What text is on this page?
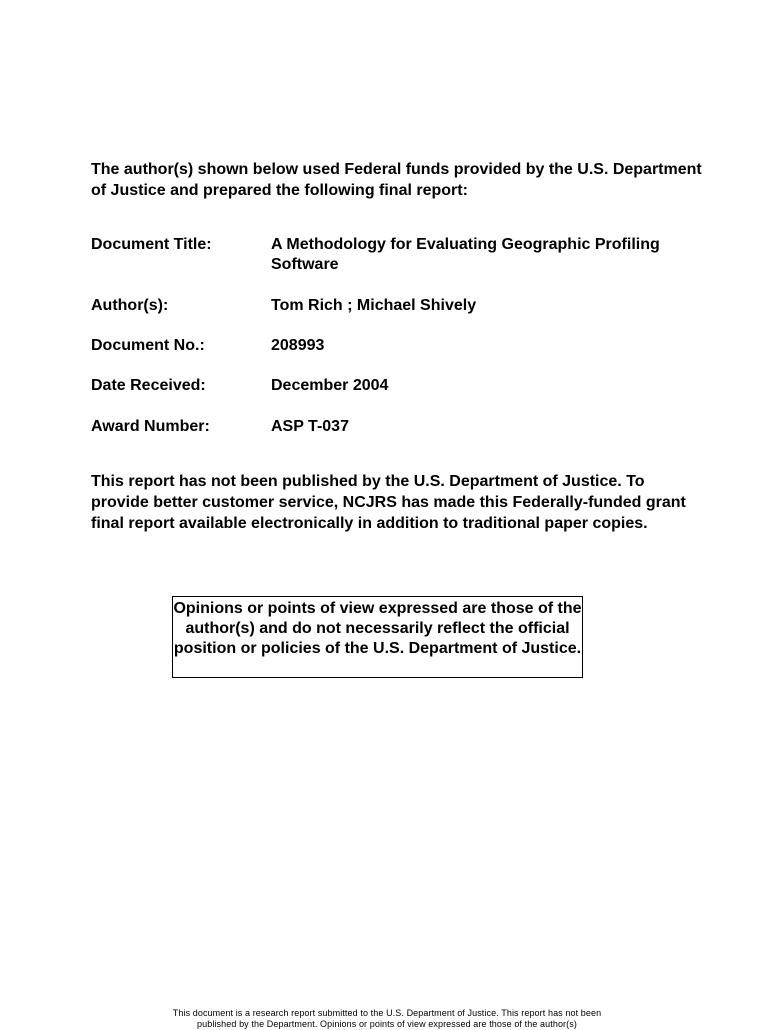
The author(s) shown below used Federal funds provided by the U.S. Department of Justice and prepared the following final report:

Document Title:	A Methodology for Evaluating Geographic Profiling Software
Author(s):	Tom Rich ; Michael Shively
Document No.:	208993
Date Received:	December 2004
Award Number:	ASP T-037

This report has not been published by the U.S. Department of Justice. To provide better customer service, NCJRS has made this Federally-funded grant final report available electronically in addition to traditional paper copies.

Opinions or points of view expressed are those of the author(s) and do not necessarily reflect the official position or policies of the U.S. Department of Justice.
This document is a research report submitted to the U.S. Department of Justice. This report has not been published by the Department. Opinions or points of view expressed are those of the author(s)
